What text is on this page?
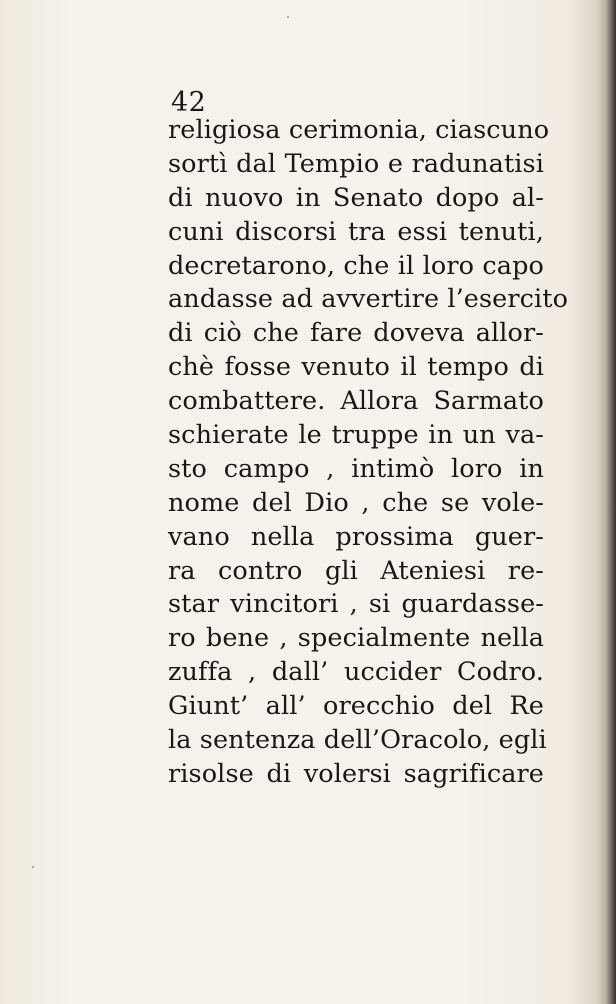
42
religiosa cerimonia, ciascuno
sortì dal Tempio e radunatisi
di nuovo in Senato dopo al-
cuni discorsi tra essi tenuti,
decretarono, che il loro capo
andasse ad avvertire l’esercito
di ciò che fare doveva allor-
chè fosse venuto il tempo di
combattere. Allora Sarmato
schierate le truppe in un va-
sto campo , intimò loro in
nome del Dio , che se vole-
vano nella prossima guer-
ra contro gli Ateniesi re-
star vincitori , si guardasse-
ro bene , specialmente nella
zuffa , dall’ uccider Codro.
Giunt’ all’ orecchio del Re
la sentenza dell’Oracolo, egli
risolse di volersi sagrificare
